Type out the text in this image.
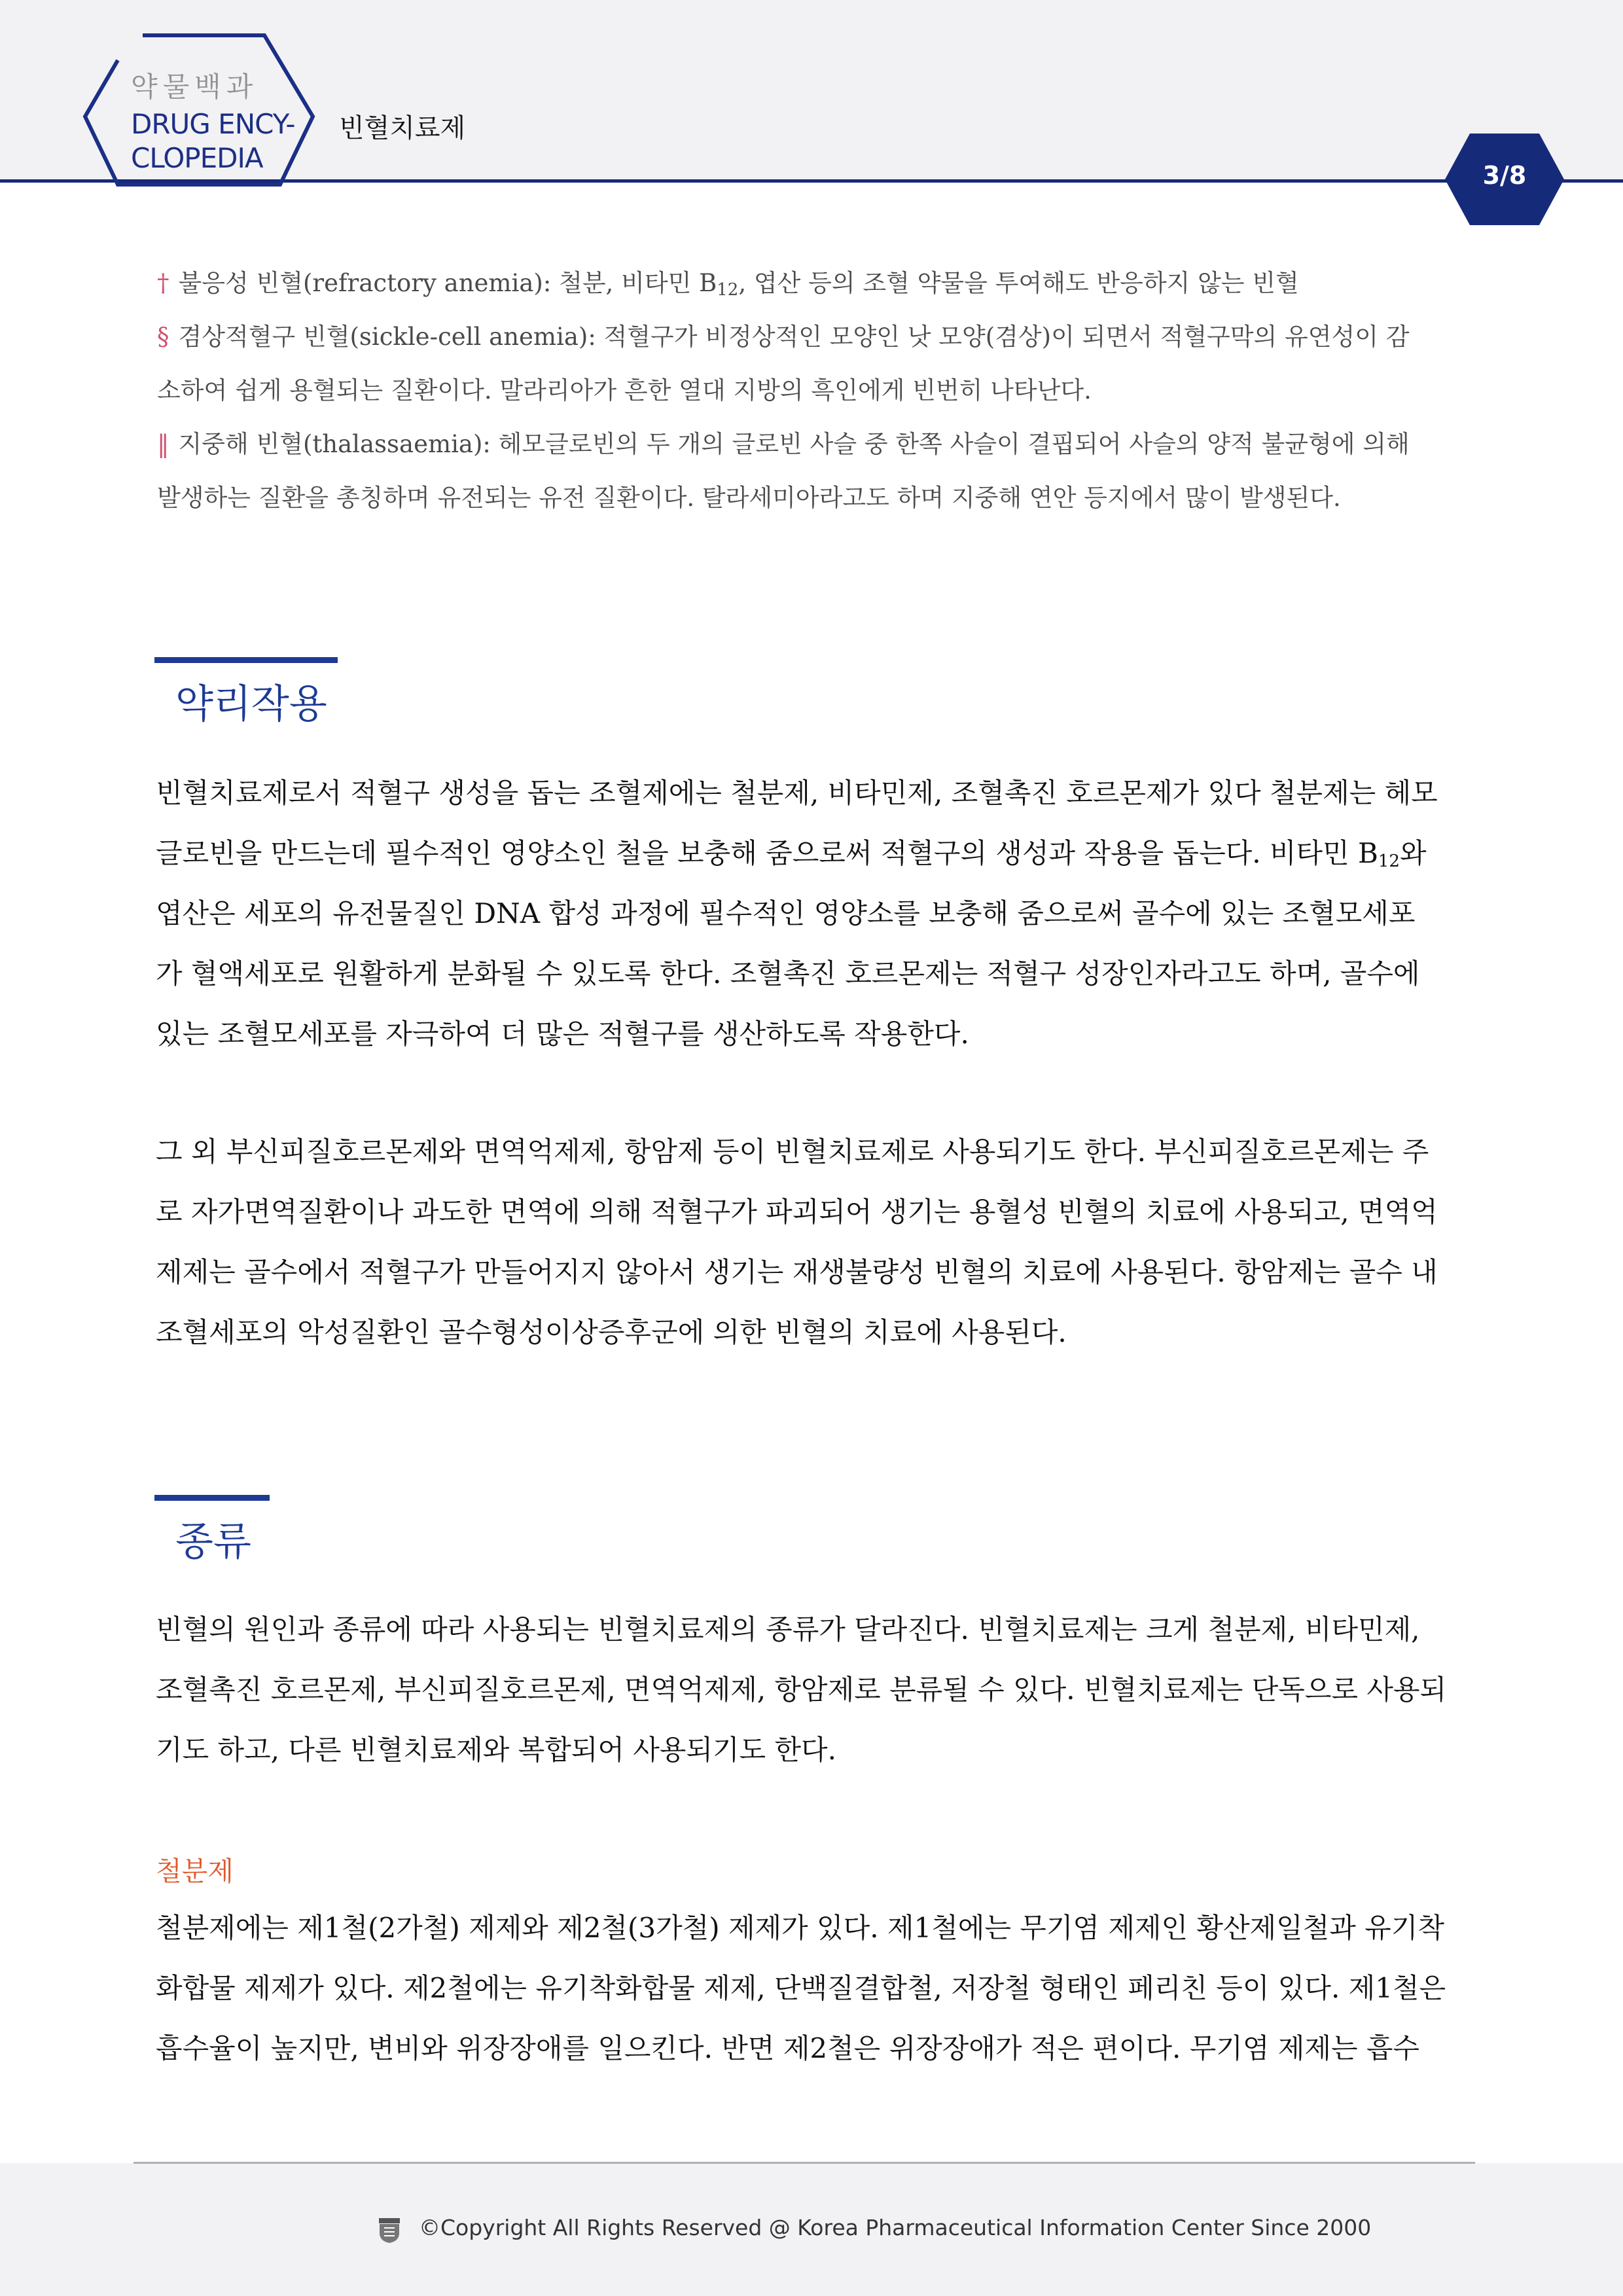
약물백과
DRUG ENCY-
CLOPEDIA
빈혈치료제
3/8
† 불응성 빈혈(refractory anemia): 철분, 비타민 $B_{12}$, 엽산 등의 조혈 약물을 투여해도 반응하지 않는 빈혈
§ 겸상적혈구 빈혈(sickle-cell anemia): 적혈구가 비정상적인 모양인 낫 모양(겸상)이 되면서 적혈구막의 유연성이 감
소하여 쉽게 용혈되는 질환이다. 말라리아가 흔한 열대 지방의 흑인에게 빈번히 나타난다.
‖ 지중해 빈혈(thalassaemia): 헤모글로빈의 두 개의 글로빈 사슬 중 한쪽 사슬이 결핍되어 사슬의 양적 불균형에 의해
발생하는 질환을 총칭하며 유전되는 유전 질환이다. 탈라세미아라고도 하며 지중해 연안 등지에서 많이 발생된다.
약리작용
빈혈치료제로서 적혈구 생성을 돕는 조혈제에는 철분제, 비타민제, 조혈촉진 호르몬제가 있다 철분제는 헤모
글로빈을 만드는데 필수적인 영양소인 철을 보충해 줌으로써 적혈구의 생성과 작용을 돕는다. 비타민 $B_{12}$와
엽산은 세포의 유전물질인 DNA 합성 과정에 필수적인 영양소를 보충해 줌으로써 골수에 있는 조혈모세포
가 혈액세포로 원활하게 분화될 수 있도록 한다. 조혈촉진 호르몬제는 적혈구 성장인자라고도 하며, 골수에
있는 조혈모세포를 자극하여 더 많은 적혈구를 생산하도록 작용한다.
그 외 부신피질호르몬제와 면역억제제, 항암제 등이 빈혈치료제로 사용되기도 한다. 부신피질호르몬제는 주
로 자가면역질환이나 과도한 면역에 의해 적혈구가 파괴되어 생기는 용혈성 빈혈의 치료에 사용되고, 면역억
제제는 골수에서 적혈구가 만들어지지 않아서 생기는 재생불량성 빈혈의 치료에 사용된다. 항암제는 골수 내
조혈세포의 악성질환인 골수형성이상증후군에 의한 빈혈의 치료에 사용된다.
종류
빈혈의 원인과 종류에 따라 사용되는 빈혈치료제의 종류가 달라진다. 빈혈치료제는 크게 철분제, 비타민제,
조혈촉진 호르몬제, 부신피질호르몬제, 면역억제제, 항암제로 분류될 수 있다. 빈혈치료제는 단독으로 사용되
기도 하고, 다른 빈혈치료제와 복합되어 사용되기도 한다.
철분제
철분제에는 제1철(2가철) 제제와 제2철(3가철) 제제가 있다. 제1철에는 무기염 제제인 황산제일철과 유기착
화합물 제제가 있다. 제2철에는 유기착화합물 제제, 단백질결합철, 저장철 형태인 페리친 등이 있다. 제1철은
흡수율이 높지만, 변비와 위장장애를 일으킨다. 반면 제2철은 위장장애가 적은 편이다. 무기염 제제는 흡수
©Copyright All Rights Reserved @ Korea Pharmaceutical Information Center Since 2000
